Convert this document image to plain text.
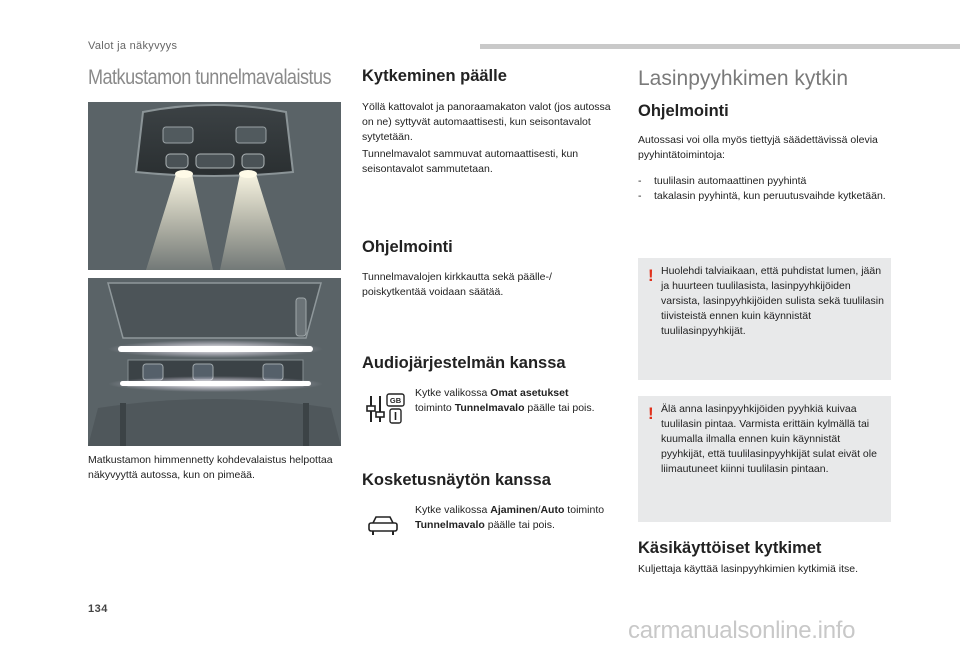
Valot ja näkyvyys
Matkustamon tunnelmavalaistus
Matkustamon himmennetty kohdevalaistus helpottaa näkyvyyttä autossa, kun on pimeää.
Kytkeminen päälle

Yöllä kattovalot ja panoraamakaton valot (jos autossa on ne) syttyvät automaattisesti, kun seisontavalot sytytetään.

Tunnelmavalot sammuvat automaattisesti, kun seisontavalot sammutetaan.

Ohjelmointi

Tunnelmavalojen kirkkautta sekä päälle-/ poiskytkentää voidaan säätää.

Audiojärjestelmän kanssa
GB

Kytke valikossa Omat asetukset toiminto Tunnelmavalo päälle tai pois.

Kosketusnäytön kanssa

Kytke valikossa Ajaminen/Auto toiminto Tunnelmavalo päälle tai pois.

Lasinpyyhkimen kytkin
Ohjelmointi

Autossasi voi olla myös tiettyjä säädettävissä olevia pyyhintätoimintoja:

- tuulilasin automaattinen pyyhintä
- takalasin pyyhintä, kun peruutusvaihde kytketään.
! Huolehdi talviaikaan, että puhdistat lumen, jään ja huurteen tuulilasista, lasinpyyhkijöiden varsista, lasinpyyhkijöiden sulista sekä tuulilasin tiivisteistä ennen kuin käynnistät tuulilasinpyyhkijät.
! Älä anna lasinpyyhkijöiden pyyhkiä kuivaa tuulilasin pintaa. Varmista erittäin kylmällä tai kuumalla ilmalla ennen kuin käynnistät pyyhkijät, että tuulilasinpyyhkijät sulat eivät ole liimautuneet kiinni tuulilasin pintaan.
Käsikäyttöiset kytkimet

Kuljettaja käyttää lasinpyyhkimien kytkimiä itse.

134
carmanualsonline.info
